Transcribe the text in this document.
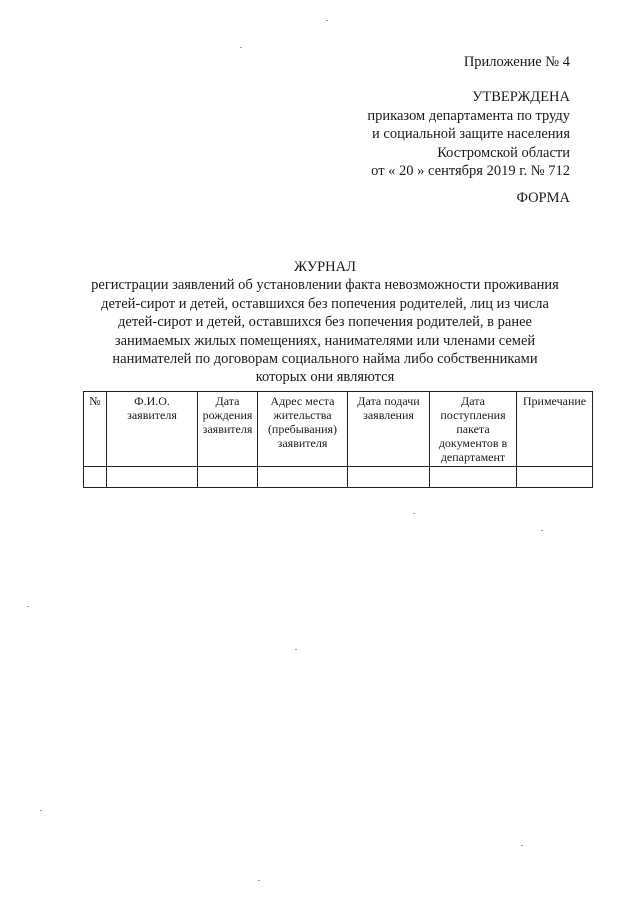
Приложение № 4
УТВЕРЖДЕНА
приказом департамента по труду
и социальной защите населения
Костромской области
от « 20 » сентября 2019 г. № 712
ФОРМА
ЖУРНАЛ
регистрации заявлений об установлении факта невозможности проживания
детей-сирот и детей, оставшихся без попечения родителей, лиц из числа
детей-сирот и детей, оставшихся без попечения родителей, в ранее
занимаемых жилых помещениях, нанимателями или членами семей
нанимателей по договорам социального найма либо собственниками
которых они являются
№	Ф.И.О. заявителя	Дата рождения заявителя	Адрес места жительства (пребывания) заявителя	Дата подачи заявления	Дата поступления пакета документов в департамент	Примечание
